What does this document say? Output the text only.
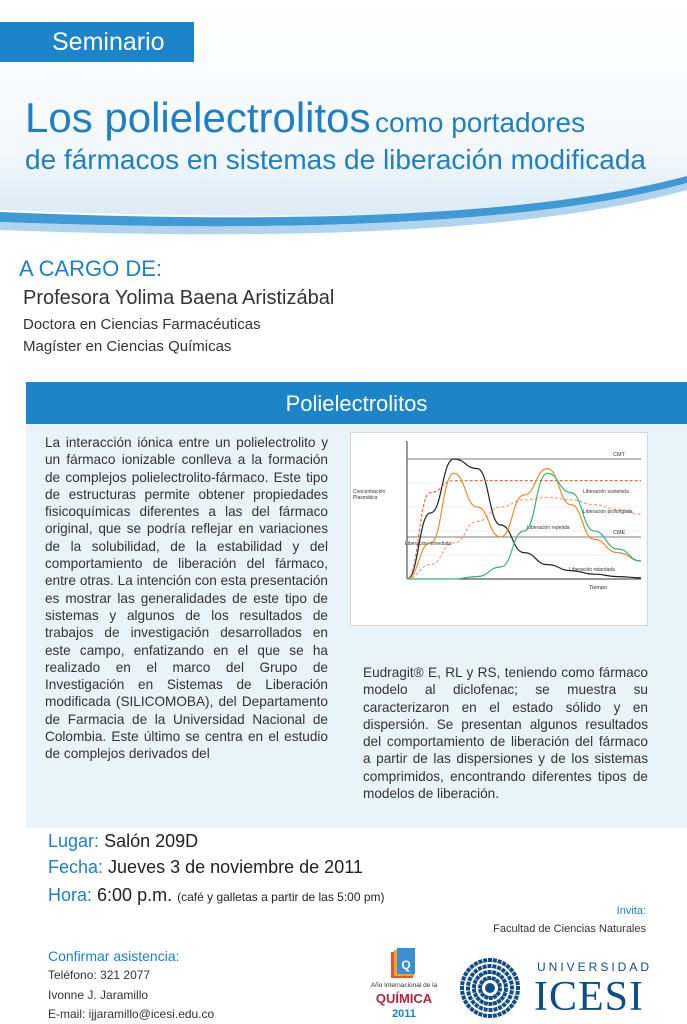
Seminario
Los polielectrolitos como portadores
de fármacos en sistemas de liberación modificada
A CARGO DE:
Profesora Yolima Baena Aristizábal
Doctora en Ciencias Farmacéuticas
Magíster en Ciencias Químicas
Polielectrolitos
La interacción iónica entre un polielectrolito y un fármaco ionizable conlleva a la formación de complejos polielectrolito-fármaco. Este tipo de estructuras permite obtener propiedades fisicoquímicas diferentes a las del fármaco original, que se podría reflejar en variaciones de la solubilidad, de la estabilidad y del comportamiento de liberación del fármaco, entre otras. La intención con esta presentación es mostrar las generalidades de este tipo de sistemas y algunos de los resultados de trabajos de investigación desarrollados en este campo, enfatizando en el que se ha realizado en el marco del Grupo de Investigación en Sistemas de Liberación modificada (SILICOMOBA), del Departamento de Farmacia de la Universidad Nacional de Colombia. Este último se centra en el estudio de complejos derivados del
CMT
CME
Liberación inmediata
Liberación sostenida
Liberación prolongada
Liberación repetida
Liberación retardada
Concentración
Plasmática
Tiempo
Eudragit® E, RL y RS, teniendo como fármaco modelo al diclofenac; se muestra su caracterizaron en el estado sólido y en dispersión. Se presentan algunos resultados del comportamiento de liberación del fármaco a partir de las dispersiones y de los sistemas comprimidos, encontrando diferentes tipos de modelos de liberación.
Lugar: Salón 209D
Fecha: Jueves 3 de noviembre de 2011
Hora: 6:00 p.m. (café y galletas a partir de las 5:00 pm)
Invita:
Facultad de Ciencias Naturales
Confirmar asistencia:
Teléfono: 321 2077
Ivonne J. Jaramillo
E-mail: ijjaramillo@icesi.edu.co
Q
Año Internacional de la
QUÍMICA
2011
UNIVERSIDAD
ICESI
